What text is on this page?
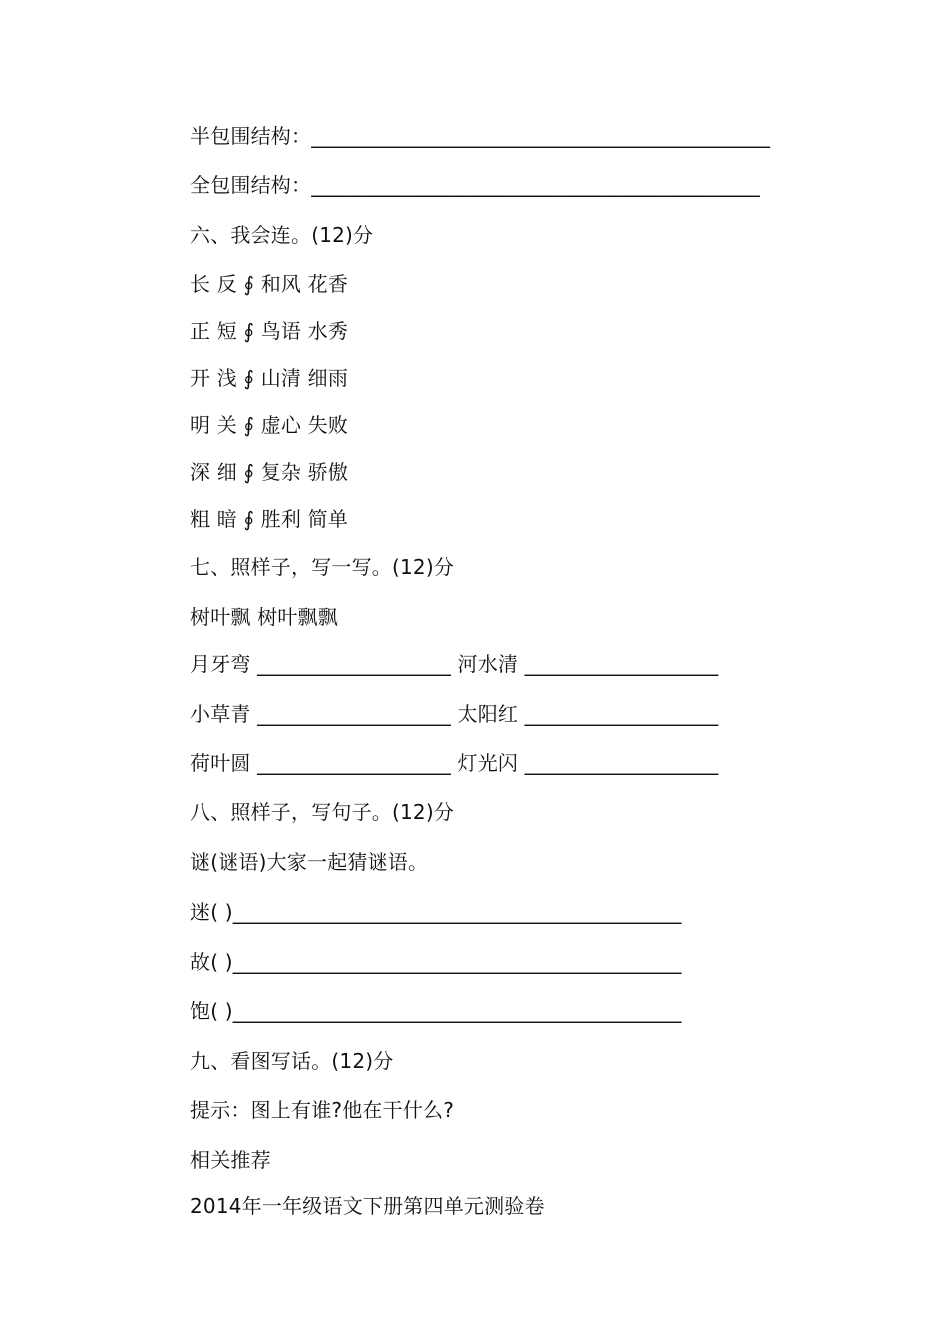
半包围结构：_____________________________________________
全包围结构：____________________________________________
六、我会连。(12)分
长 反 ∮ 和风 花香
正 短 ∮ 鸟语 水秀
开 浅 ∮ 山清 细雨
明 关 ∮ 虚心 失败
深 细 ∮ 复杂 骄傲
粗 暗 ∮ 胜利 简单
七、照样子，写一写。(12)分
树叶飘 树叶飘飘
月牙弯 ___________________ 河水清 ___________________
小草青 ___________________ 太阳红 ___________________
荷叶圆 ___________________ 灯光闪 ___________________
八、照样子，写句子。(12)分
谜(谜语)大家一起猜谜语。
迷( )____________________________________________
故( )____________________________________________
饱( )____________________________________________
九、看图写话。(12)分
提示：图上有谁?他在干什么?
相关推荐
2014年一年级语文下册第四单元测验卷
